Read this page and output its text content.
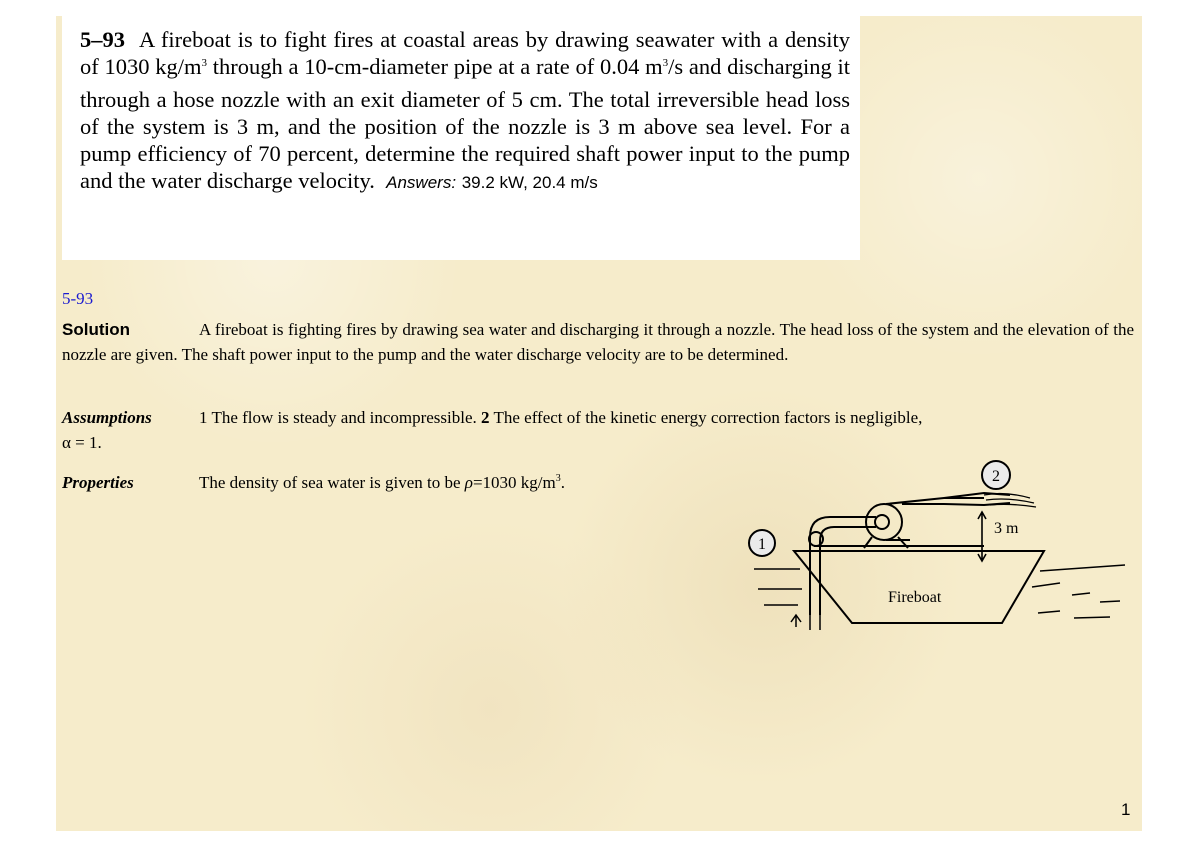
5–93 A fireboat is to fight fires at coastal areas by drawing seawater with a density of 1030 $kg/m^3$ through a 10-cm-diameter pipe at a rate of 0.04 $m^3/s$ and discharging it through a hose nozzle with an exit diameter of 5 cm. The total irreversible head loss of the system is 3 m, and the position of the nozzle is 3 m above sea level. For a pump efficiency of 70 percent, determine the required shaft power input to the pump and the water discharge velocity. Answers: 39.2 kW, 20.4 m/s
5-93
Solution	A fireboat is fighting fires by drawing sea water and discharging it through a nozzle. The head loss of the system and the elevation of the nozzle are given. The shaft power input to the pump and the water discharge velocity are to be determined.
Assumptions	1 The flow is steady and incompressible. 2 The effect of the kinetic energy correction factors is negligible,
α = 1.
Properties	The density of sea water is given to be ρ=1030 $kg/m^3$.
1
2
3 m
Fireboat
1
